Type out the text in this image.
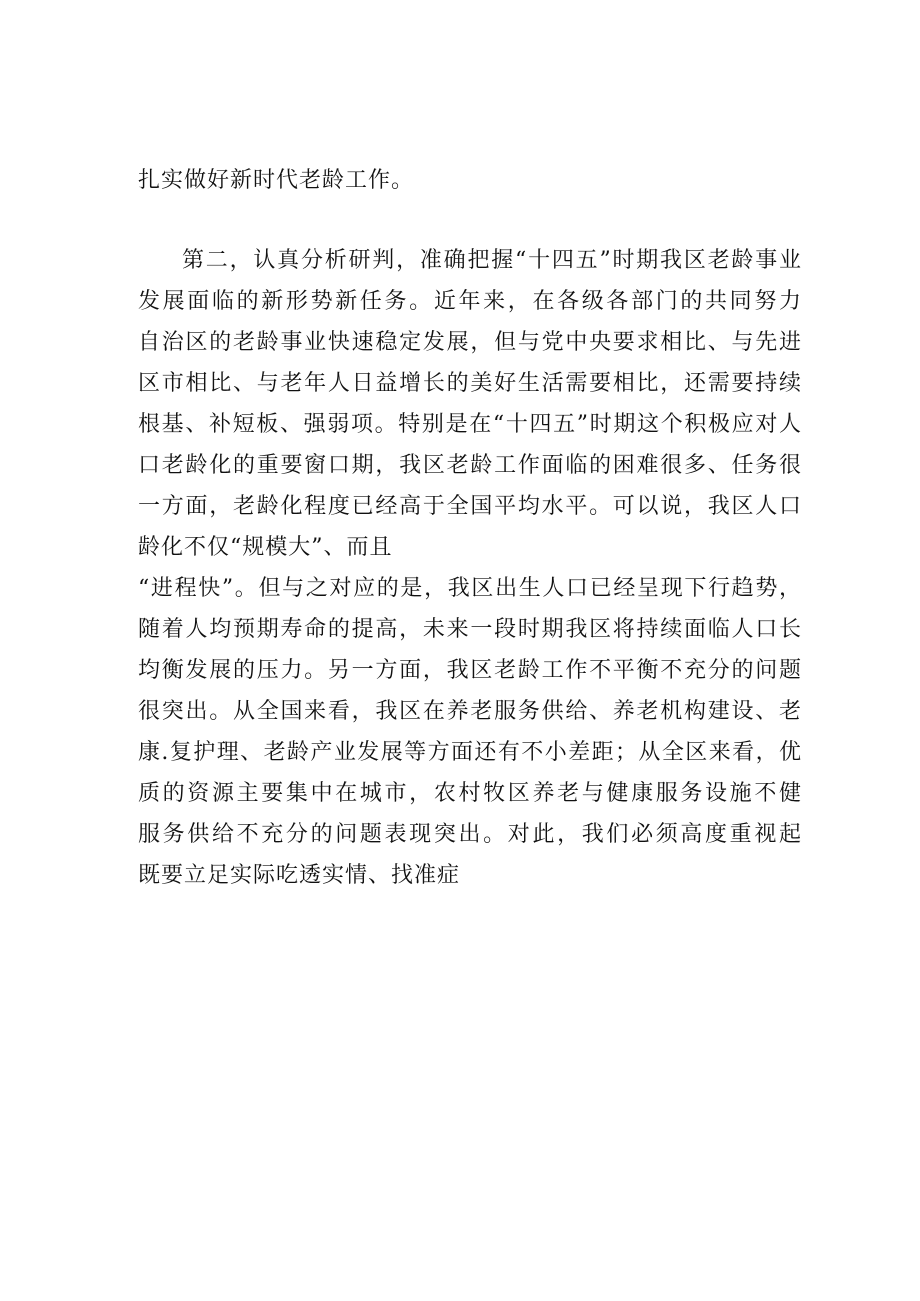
扎实做好新时代老龄工作。
第二，认真分析研判，准确把握“十四五”时期我区老龄事业
发展面临的新形势新任务。近年来，在各级各部门的共同努力
自治区的老龄事业快速稳定发展，但与党中央要求相比、与先进
区市相比、与老年人日益增长的美好生活需要相比，还需要持续
根基、补短板、强弱项。特别是在“十四五”时期这个积极应对人
口老龄化的重要窗口期，我区老龄工作面临的困难很多、任务很
一方面，老龄化程度已经高于全国平均水平。可以说，我区人口
龄化不仅“规模大”、而且
“进程快”。但与之对应的是，我区出生人口已经呈现下行趋势，
随着人均预期寿命的提高，未来一段时期我区将持续面临人口长
均衡发展的压力。另一方面，我区老龄工作不平衡不充分的问题
很突出。从全国来看，我区在养老服务供给、养老机构建设、老
康.复护理、老龄产业发展等方面还有不小差距；从全区来看，优
质的资源主要集中在城市，农村牧区养老与健康服务设施不健
服务供给不充分的问题表现突出。对此，我们必须高度重视起
既要立足实际吃透实情、找准症
